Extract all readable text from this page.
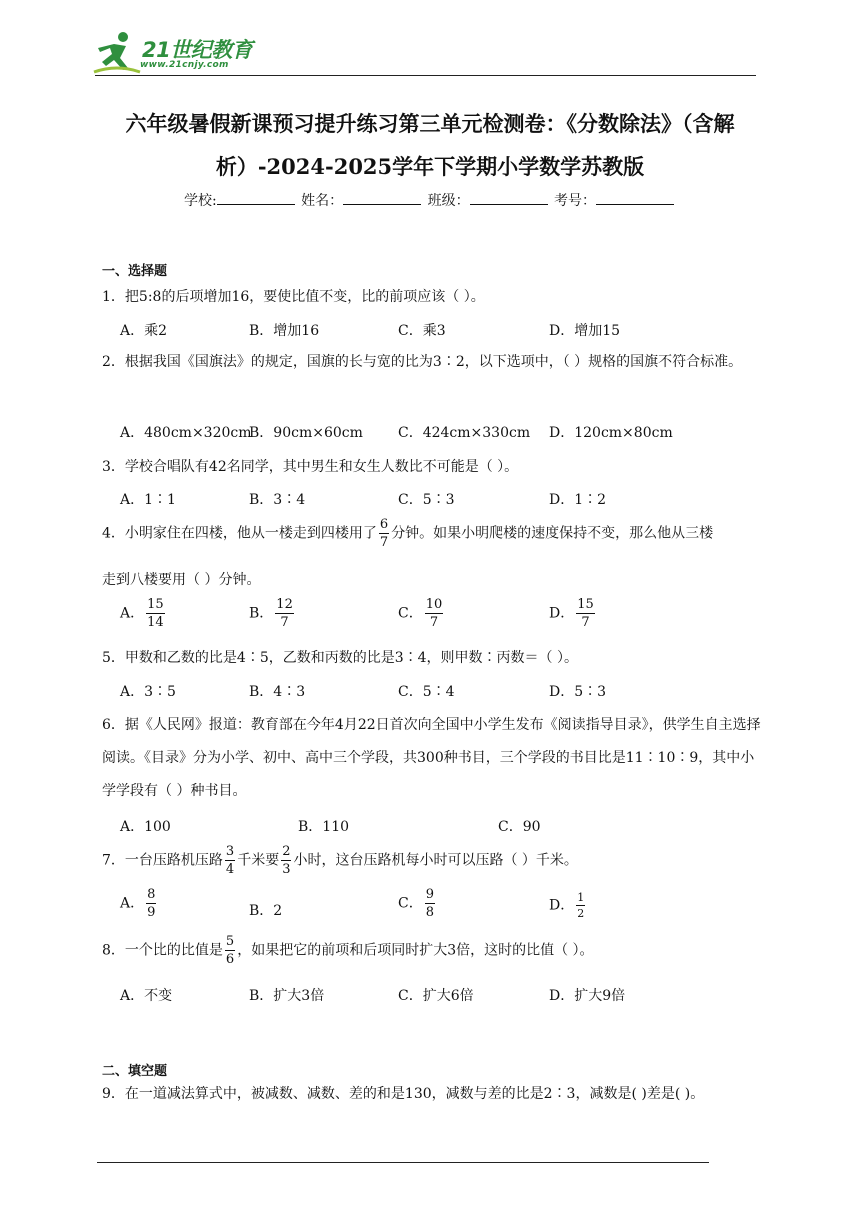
21世纪教育
www.21cnjy.com
六年级暑假新课预习提升练习第三单元检测卷：《分数除法》（含解
析）-2024-2025学年下学期小学数学苏教版
学校:	姓名：	班级：	考号：
一、选择题
1．把5:8的后项增加16，要使比值不变，比的前项应该（ ）。
A．乘2	B．增加16	C．乘3	D．增加15
2．根据我国《国旗法》的规定，国旗的长与宽的比为3∶2，以下选项中，（ ）规格的国旗不符合标准。
A．480cm×320cm
B．90cm×60cm	C．424cm×330cm D．120cm×80cm
3．学校合唱队有42名同学，其中男生和女生人数比不可能是（ ）。
A．1∶1	B．3∶4	C．5∶3	D．1∶2
4．小明家住在四楼，他从一楼走到四楼用了 $\frac{6}{7}$ 分钟。如果小明爬楼的速度保持不变，那么他从三楼
走到八楼要用（ ）分钟。
A． $\frac{15}{14}$	B． $\frac{12}{7}$	C． $\frac{10}{7}$	D． $\frac{15}{7}$
5．甲数和乙数的比是4∶5，乙数和丙数的比是3∶4，则甲数∶丙数＝（ ）。
A．3∶5	B．4∶3	C．5∶4	D．5∶3
6．据《人民网》报道：教育部在今年4月22日首次向全国中小学生发布《阅读指导目录》，供学生自主选择阅读。《目录》分为小学、初中、高中三个学段，共300种书目，三个学段的书目比是11∶10∶9，其中小学学段有（ ）种书目。
A．100	B．110	C．90
7．一台压路机压路 $\frac{3}{4}$ 千米要 $\frac{2}{3}$ 小时，这台压路机每小时可以压路（ ）千米。
A． $\frac{8}{9}$	B．2	C． $\frac{9}{8}$	D． $\frac{1}{2}$
8．一个比的比值是 $\frac{5}{6}$ ，如果把它的前项和后项同时扩大3倍，这时的比值（ ）。
A．不变	B．扩大3倍	C．扩大6倍	D．扩大9倍
二、填空题
9．在一道减法算式中，被减数、减数、差的和是130，减数与差的比是2∶3，减数是( )差是( )。
